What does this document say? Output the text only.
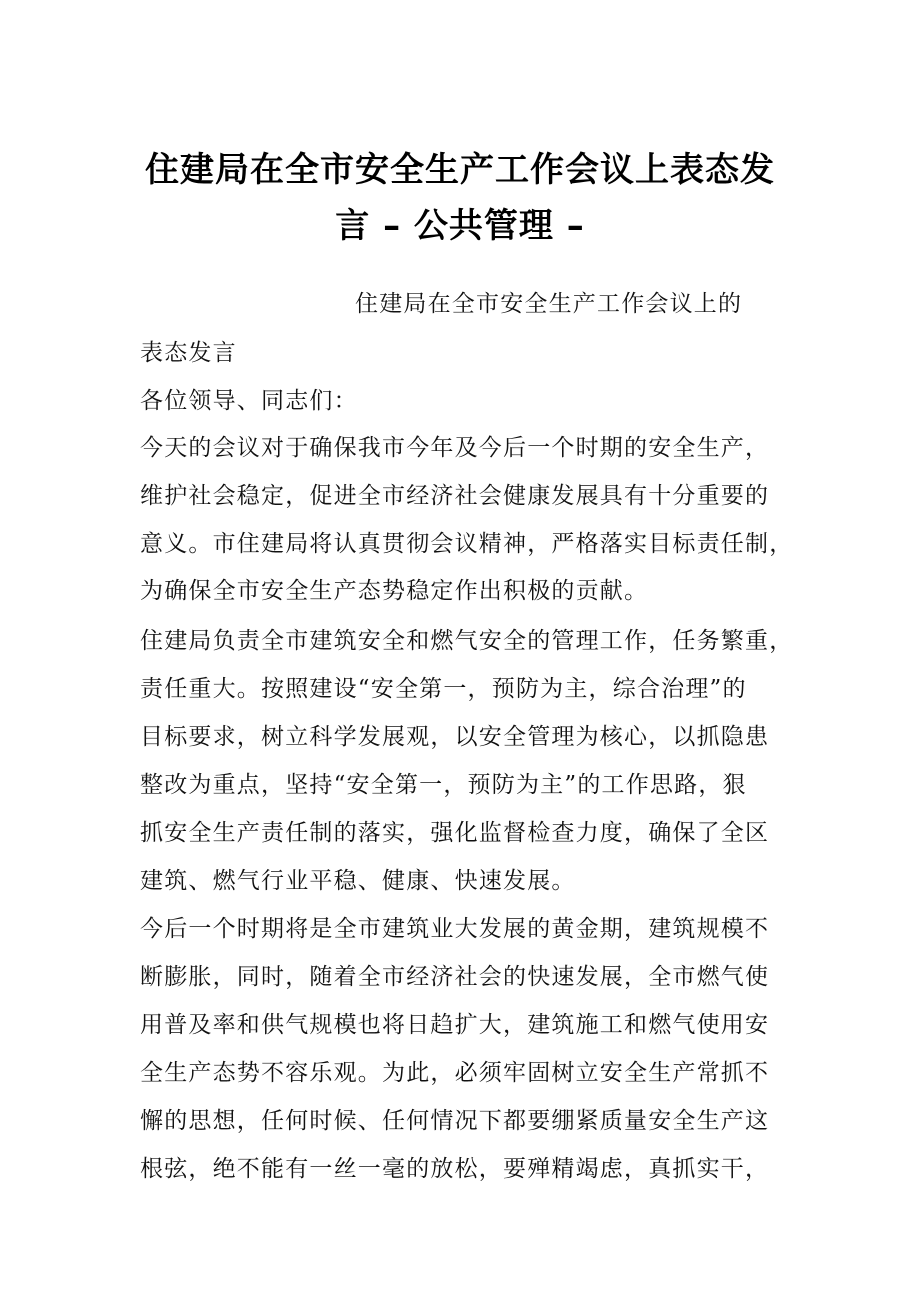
住建局在全市安全生产工作会议上表态发
言 – 公共管理 –
住建局在全市安全生产工作会议上的
表态发言
各位领导、同志们：
今天的会议对于确保我市今年及今后一个时期的安全生产，
维护社会稳定，促进全市经济社会健康发展具有十分重要的
意义。市住建局将认真贯彻会议精神，严格落实目标责任制，
为确保全市安全生产态势稳定作出积极的贡献。
住建局负责全市建筑安全和燃气安全的管理工作，任务繁重，
责任重大。按照建设“安全第一，预防为主，综合治理”的
目标要求，树立科学发展观，以安全管理为核心，以抓隐患
整改为重点，坚持“安全第一，预防为主”的工作思路，狠
抓安全生产责任制的落实，强化监督检查力度，确保了全区
建筑、燃气行业平稳、健康、快速发展。
今后一个时期将是全市建筑业大发展的黄金期，建筑规模不
断膨胀，同时，随着全市经济社会的快速发展，全市燃气使
用普及率和供气规模也将日趋扩大，建筑施工和燃气使用安
全生产态势不容乐观。为此，必须牢固树立安全生产常抓不
懈的思想，任何时候、任何情况下都要绷紧质量安全生产这
根弦，绝不能有一丝一毫的放松，要殚精竭虑，真抓实干，
